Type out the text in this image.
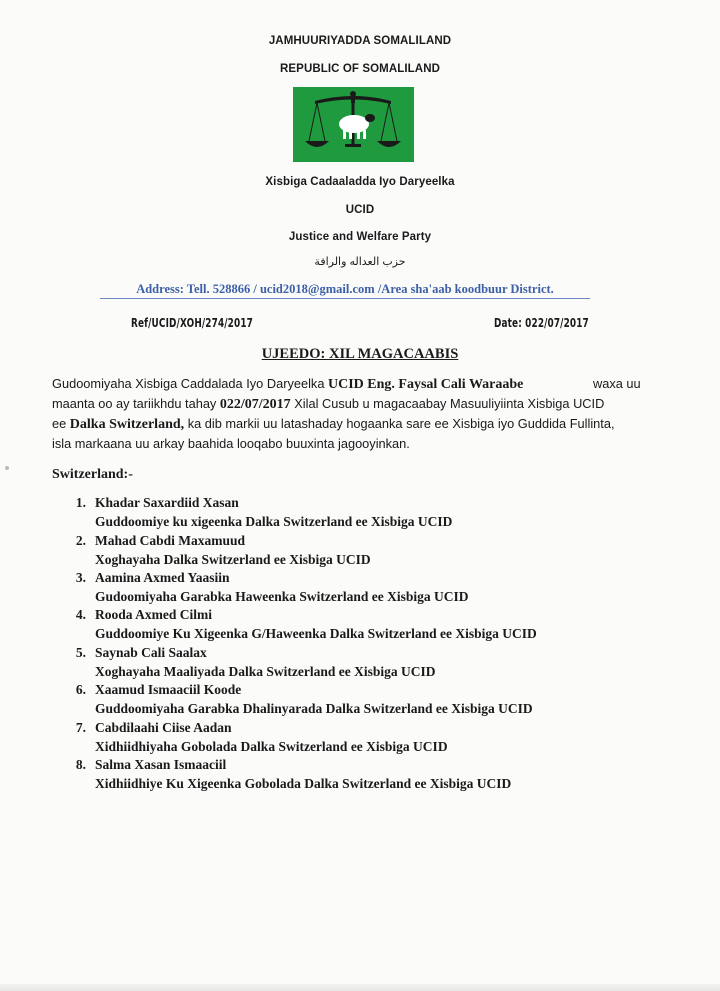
JAMHUURIYADDA SOMALILAND
REPUBLIC OF SOMALILAND
Xisbiga Cadaaladda Iyo Daryeelka
UCID
Justice and Welfare Party
حزب العداله والرافة
Address: Tell. 528866 / ucid2018@gmail.com /Area sha'aab koodbuur District.
Ref/UCID/XOH/274/2017	Date: 022/07/2017
UJEEDO: XIL MAGACAABIS
Gudoomiyaha Xisbiga Caddalada Iyo Daryeelka UCID Eng. Faysal Cali Waraabe	waxa uu
maanta oo ay tariikhdu tahay 022/07/2017 Xilal Cusub u magacaabay Masuuliyiinta Xisbiga UCID
ee Dalka Switzerland, ka dib markii uu latashaday hogaanka sare ee Xisbiga iyo Guddida Fullinta,
isla markaana uu arkay baahida looqabo buuxinta jagooyinkan.
Switzerland:-
1. Khadar Saxardiid Xasan
Guddoomiye ku xigeenka Dalka Switzerland ee Xisbiga UCID
2. Mahad Cabdi Maxamuud
Xoghayaha Dalka Switzerland ee Xisbiga UCID
3. Aamina Axmed Yaasiin
Gudoomiyaha Garabka Haweenka Switzerland ee Xisbiga UCID
4. Rooda Axmed Cilmi
Guddoomiye Ku Xigeenka G/Haweenka Dalka Switzerland ee Xisbiga UCID
5. Saynab Cali Saalax
Xoghayaha Maaliyada Dalka Switzerland ee Xisbiga UCID
6. Xaamud Ismaaciil Koode
Guddoomiyaha Garabka Dhalinyarada Dalka Switzerland ee Xisbiga UCID
7. Cabdilaahi Ciise Aadan
Xidhiidhiyaha Gobolada Dalka Switzerland ee Xisbiga UCID
8. Salma Xasan Ismaaciil
Xidhiidhiye Ku Xigeenka Gobolada Dalka Switzerland ee Xisbiga UCID
